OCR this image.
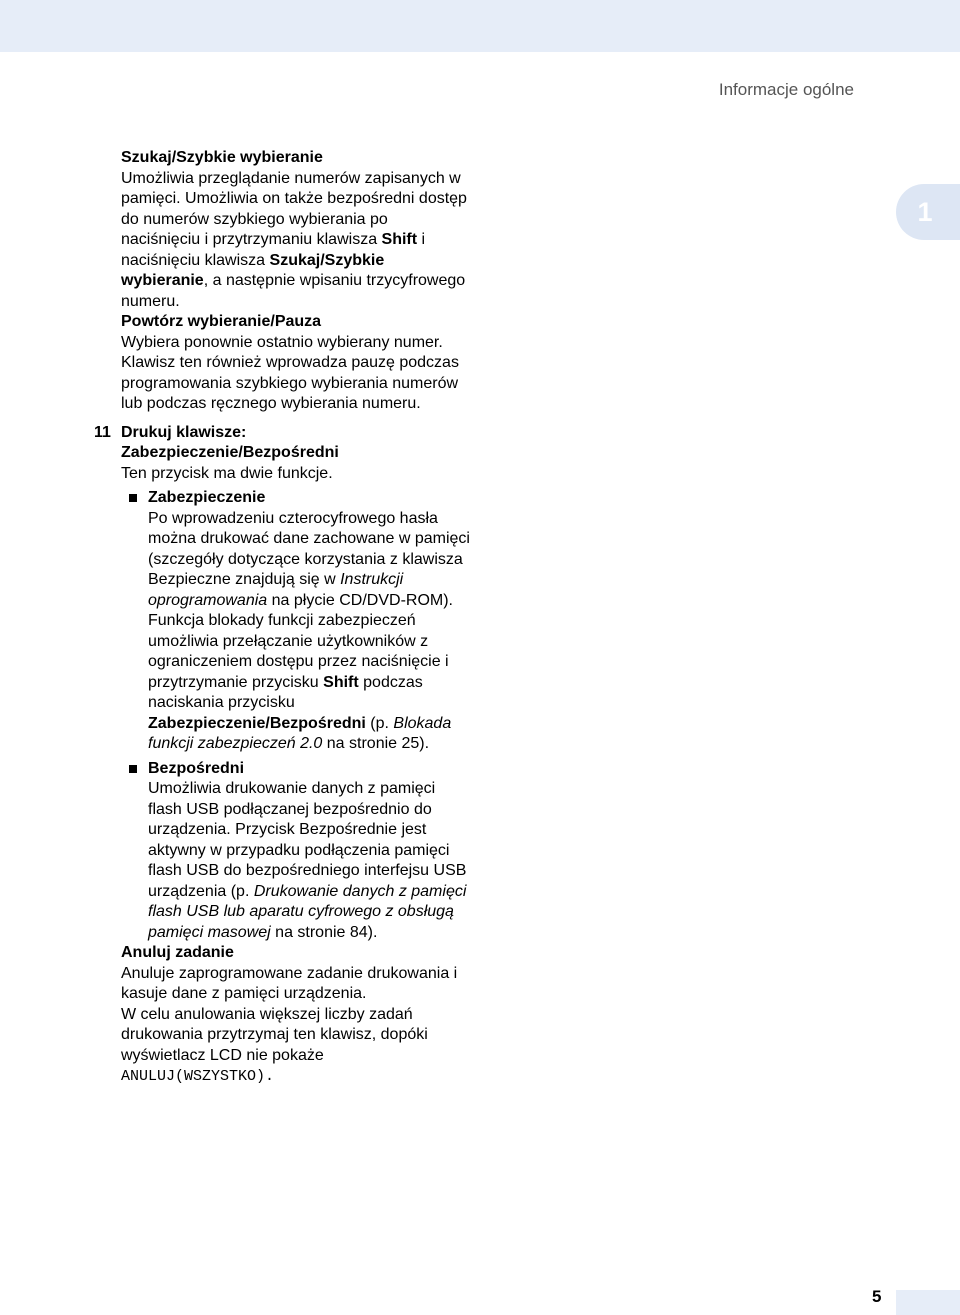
Informacje ogólne
1

Szukaj/Szybkie wybieranie

Umożliwia przeglądanie numerów zapisanych w pamięci. Umożliwia on także bezpośredni dostęp do numerów szybkiego wybierania po naciśnięciu i przytrzymaniu klawisza Shift i naciśnięciu klawisza Szukaj/Szybkie wybieranie, a następnie wpisaniu trzycyfrowego numeru.

Powtórz wybieranie/Pauza

Wybiera ponownie ostatnio wybierany numer. Klawisz ten również wprowadza pauzę podczas programowania szybkiego wybierania numerów lub podczas ręcznego wybierania numeru.

11 Drukuj klawisze:

Zabezpieczenie/Bezpośredni

Ten przycisk ma dwie funkcje.

Zabezpieczenie

Po wprowadzeniu czterocyfrowego hasła można drukować dane zachowane w pamięci (szczegóły dotyczące korzystania z klawisza Bezpieczne znajdują się w Instrukcji oprogramowania na płycie CD/DVD-ROM).

Funkcja blokady funkcji zabezpieczeń umożliwia przełączanie użytkowników z ograniczeniem dostępu przez naciśnięcie i przytrzymanie przycisku Shift podczas naciskania przycisku Zabezpieczenie/Bezpośredni (p. Blokada funkcji zabezpieczeń 2.0 na stronie 25).

Bezpośredni

Umożliwia drukowanie danych z pamięci flash USB podłączanej bezpośrednio do urządzenia. Przycisk Bezpośrednie jest aktywny w przypadku podłączenia pamięci flash USB do bezpośredniego interfejsu USB urządzenia (p. Drukowanie danych z pamięci flash USB lub aparatu cyfrowego z obsługą pamięci masowej na stronie 84).

Anuluj zadanie

Anuluje zaprogramowane zadanie drukowania i kasuje dane z pamięci urządzenia.

W celu anulowania większej liczby zadań drukowania przytrzymaj ten klawisz, dopóki wyświetlacz LCD nie pokaże ANULUJ(WSZYSTKO).

5
